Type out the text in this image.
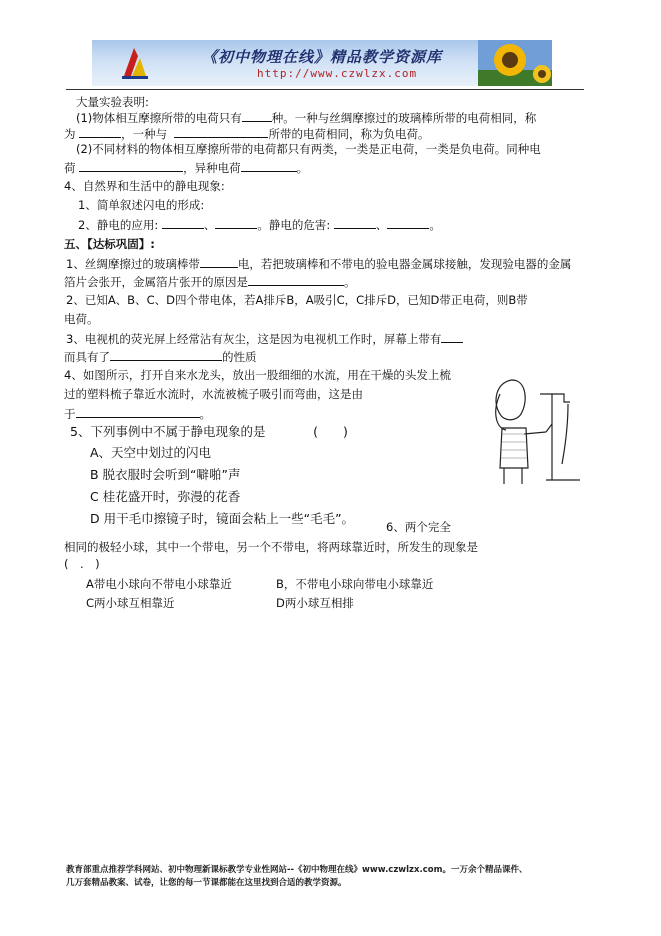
《初中物理在线》精品教学资源库
http://www.czwlzx.com
大量实验表明:
(1)物体相互摩擦所带的电荷只有	种。一种与丝绸摩擦过的玻璃棒所带的电荷相同，称
为	，一种与	所带的电荷相同，称为负电荷。
(2)不同材料的物体相互摩擦所带的电荷都只有两类，一类是正电荷，一类是负电荷。同种电
荷	，异种电荷	。
4、自然界和生活中的静电现象:
1、简单叙述闪电的形成:
2、静电的应用:	、	。静电的危害:	、	。
五、【达标巩固】:
1、丝绸摩擦过的玻璃棒带	电，若把玻璃棒和不带电的验电器金属球接触，发现验电器的金属
箔片会张开，金属箔片张开的原因是	。
2、已知A、B、C、D四个带电体，若A排斥B，A吸引C，C排斥D，已知D带正电荷，则B带
电荷。
3、电视机的荧光屏上经常沾有灰尘，这是因为电视机工作时，屏幕上带有
而具有了	的性质
4、如图所示，打开自来水龙头，放出一股细细的水流，用在干燥的头发上梳
过的塑料梳子靠近水流时，水流被梳子吸引而弯曲，这是由
于	。
5、下列事例中不属于静电现象的是	(　　)
A、天空中划过的闪电
B 脱衣服时会听到“噼啪”声
C 桂花盛开时，弥漫的花香
D 用干毛巾擦镜子时，镜面会粘上一些“毛毛”。
6、两个完全
相同的极轻小球，其中一个带电，另一个不带电，将两球靠近时，所发生的现象是
(　.　)
A带电小球向不带电小球靠近	B，不带电小球向带电小球靠近
C两小球互相靠近	D两小球互相排
教育部重点推荐学科网站、初中物理新课标教学专业性网站--《初中物理在线》www.czwlzx.com。一万余个精品课件、
几万套精品教案、试卷，让您的每一节课都能在这里找到合适的教学资源。
